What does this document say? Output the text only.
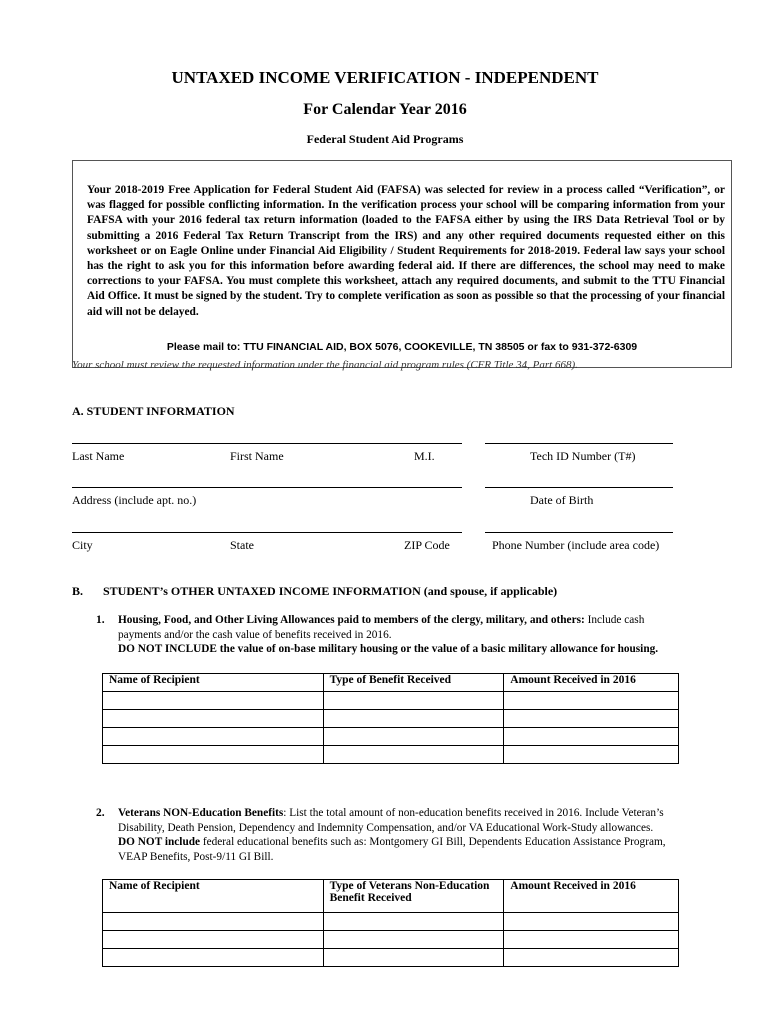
UNTAXED INCOME VERIFICATION - INDEPENDENT
For Calendar Year 2016
Federal Student Aid Programs

Your 2018-2019 Free Application for Federal Student Aid (FAFSA) was selected for review in a process called “Verification”, or was flagged for possible conflicting information. In the verification process your school will be comparing information from your FAFSA with your 2016 federal tax return information (loaded to the FAFSA either by using the IRS Data Retrieval Tool or by submitting a 2016 Federal Tax Return Transcript from the IRS) and any other required documents requested either on this worksheet or on Eagle Online under Financial Aid Eligibility / Student Requirements for 2018-2019. Federal law says your school has the right to ask you for this information before awarding federal aid. If there are differences, the school may need to make corrections to your FAFSA. You must complete this worksheet, attach any required documents, and submit to the TTU Financial Aid Office. It must be signed by the student. Try to complete verification as soon as possible so that the processing of your financial aid will not be delayed.

Please mail to: TTU FINANCIAL AID, BOX 5076, COOKEVILLE, TN 38505 or fax to 931-372-6309
Your school must review the requested information under the financial aid program rules (CFR Title 34, Part 668).
A. STUDENT INFORMATION
Last Name	First Name	M.I.	Tech ID Number (T#)
Address (include apt. no.)	Date of Birth
City	State	ZIP Code	Phone Number (include area code)
B. STUDENT’s OTHER UNTAXED INCOME INFORMATION (and spouse, if applicable)
1. Housing, Food, and Other Living Allowances paid to members of the clergy, military, and others: Include cash payments and/or the cash value of benefits received in 2016.
DO NOT INCLUDE the value of on-base military housing or the value of a basic military allowance for housing.
Name of Recipient	Type of Benefit Received	Amount Received in 2016

2. Veterans NON-Education Benefits: List the total amount of non-education benefits received in 2016. Include Veteran’s Disability, Death Pension, Dependency and Indemnity Compensation, and/or VA Educational Work-Study allowances.
DO NOT include federal educational benefits such as: Montgomery GI Bill, Dependents Education Assistance Program, VEAP Benefits, Post-9/11 GI Bill.
Name of Recipient	Type of Veterans Non-Education Benefit Received	Amount Received in 2016
